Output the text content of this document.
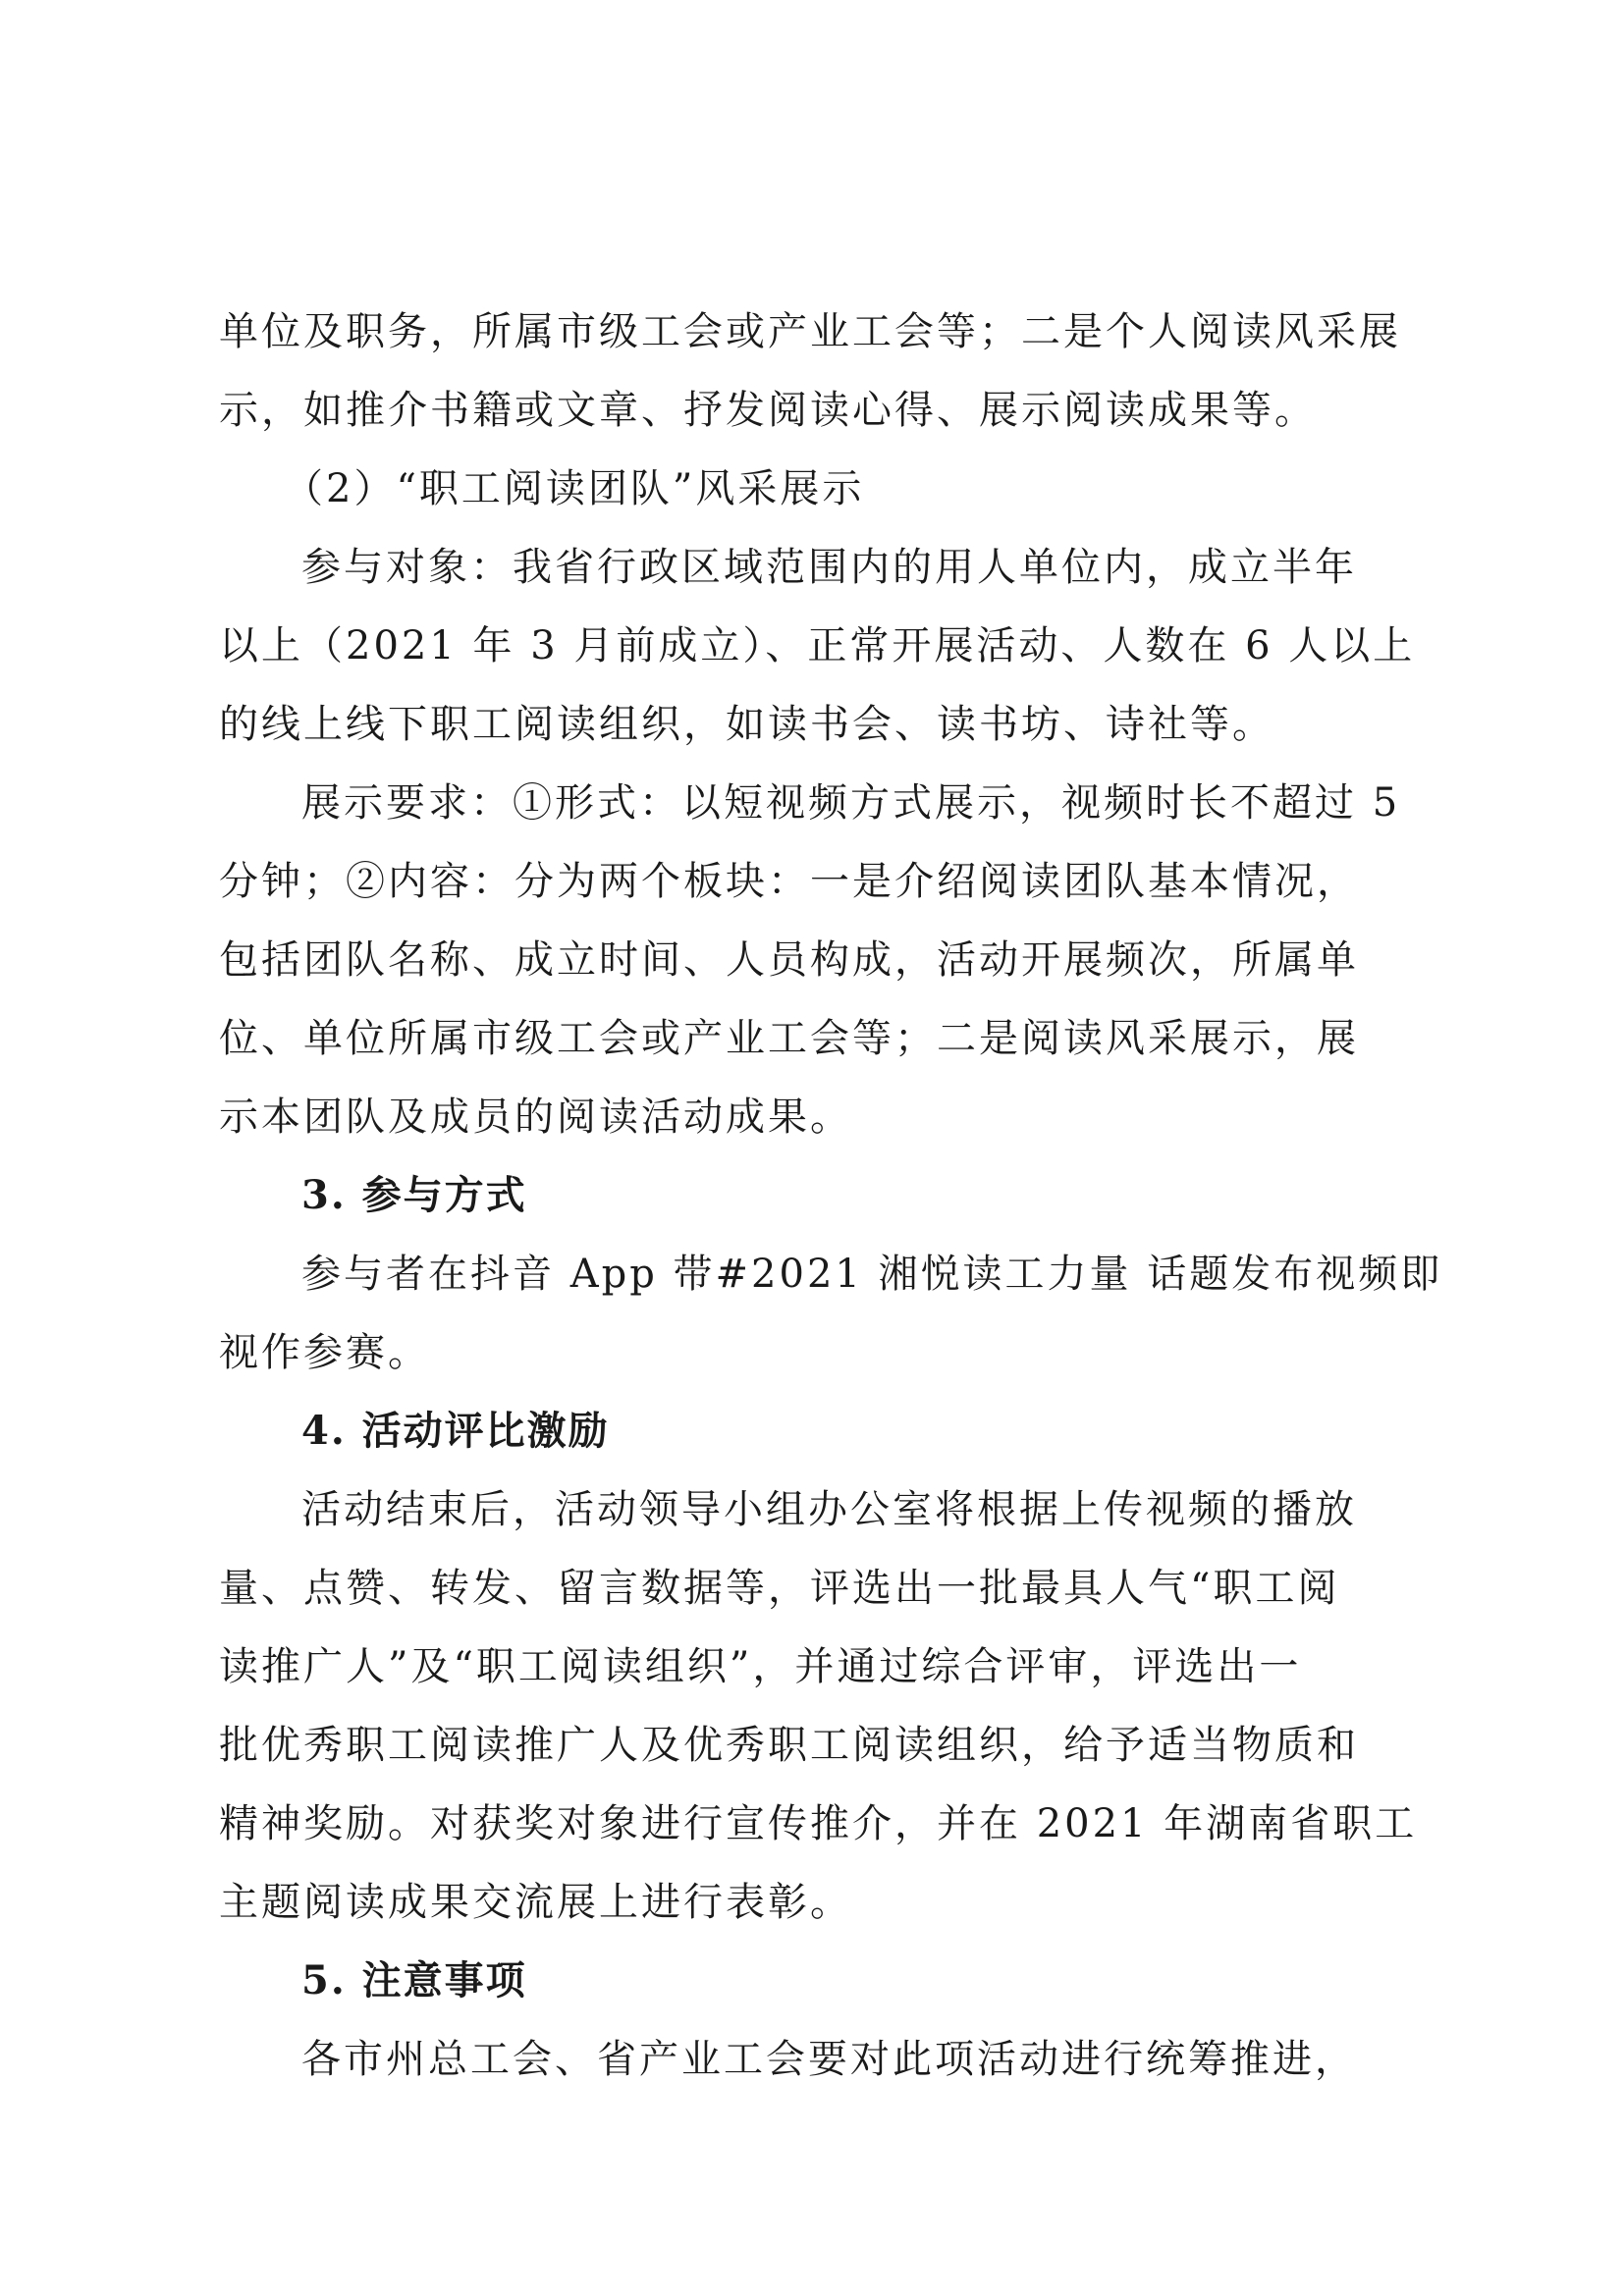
单位及职务，所属市级工会或产业工会等；二是个人阅读风采展
示，如推介书籍或文章、抒发阅读心得、展示阅读成果等。
（2）“职工阅读团队”风采展示
参与对象：我省行政区域范围内的用人单位内，成立半年
以上（2021 年 3 月前成立）、正常开展活动、人数在 6 人以上
的线上线下职工阅读组织，如读书会、读书坊、诗社等。
展示要求：①形式：以短视频方式展示，视频时长不超过 5
分钟；②内容：分为两个板块：一是介绍阅读团队基本情况，
包括团队名称、成立时间、人员构成，活动开展频次，所属单
位、单位所属市级工会或产业工会等；二是阅读风采展示，展
示本团队及成员的阅读活动成果。
3. 参与方式
参与者在抖音 App 带#2021 湘悦读工力量 话题发布视频即
视作参赛。
4. 活动评比激励
活动结束后，活动领导小组办公室将根据上传视频的播放
量、点赞、转发、留言数据等，评选出一批最具人气“职工阅
读推广人”及“职工阅读组织”，并通过综合评审，评选出一
批优秀职工阅读推广人及优秀职工阅读组织，给予适当物质和
精神奖励。对获奖对象进行宣传推介，并在 2021 年湖南省职工
主题阅读成果交流展上进行表彰。
5. 注意事项
各市州总工会、省产业工会要对此项活动进行统筹推进，
